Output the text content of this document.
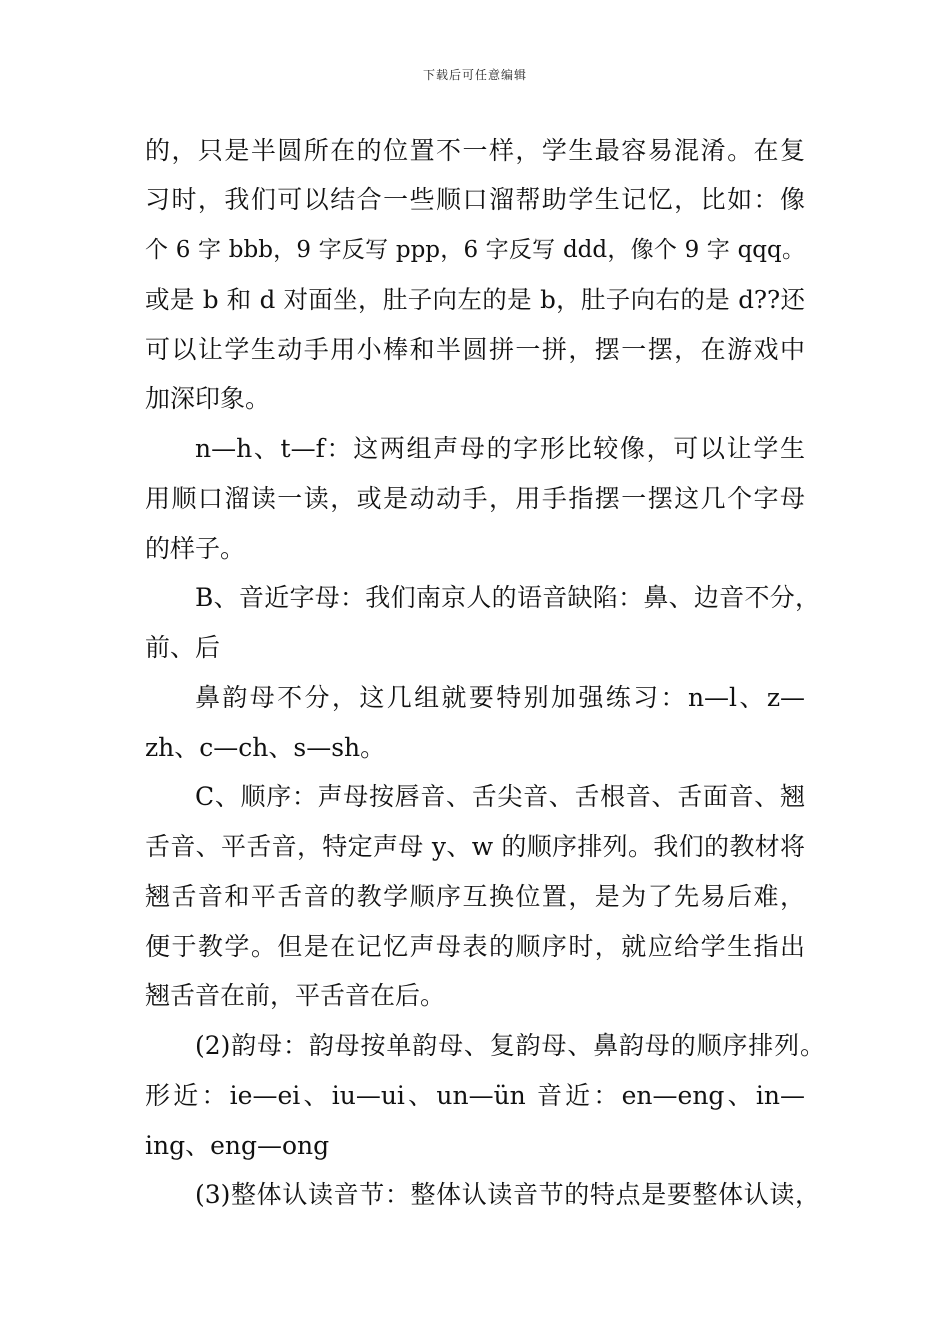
下载后可任意编辑
的，只是半圆所在的位置不一样，学生最容易混淆。在复
习时，我们可以结合一些顺口溜帮助学生记忆，比如：像
个 6 字 bbb，9 字反写 ppp，6 字反写 ddd，像个 9 字 qqq。
或是 b 和 d 对面坐，肚子向左的是 b，肚子向右的是 d??还
可以让学生动手用小棒和半圆拼一拼，摆一摆，在游戏中
加深印象。
n—h、t—f：这两组声母的字形比较像，可以让学生
用顺口溜读一读，或是动动手，用手指摆一摆这几个字母
的样子。
B、音近字母：我们南京人的语音缺陷：鼻、边音不分，
前、后
鼻韵母不分，这几组就要特别加强练习：n—l、z—
zh、c—ch、s—sh。
C、顺序：声母按唇音、舌尖音、舌根音、舌面音、翘
舌音、平舌音，特定声母 y、w 的顺序排列。我们的教材将
翘舌音和平舌音的教学顺序互换位置，是为了先易后难，
便于教学。但是在记忆声母表的顺序时，就应给学生指出
翘舌音在前，平舌音在后。
(2)韵母：韵母按单韵母、复韵母、鼻韵母的顺序排列。
形近：ie—ei、iu—ui、un—ün 音近：en—eng、in—
ing、eng—ong
(3)整体认读音节：整体认读音节的特点是要整体认读，
